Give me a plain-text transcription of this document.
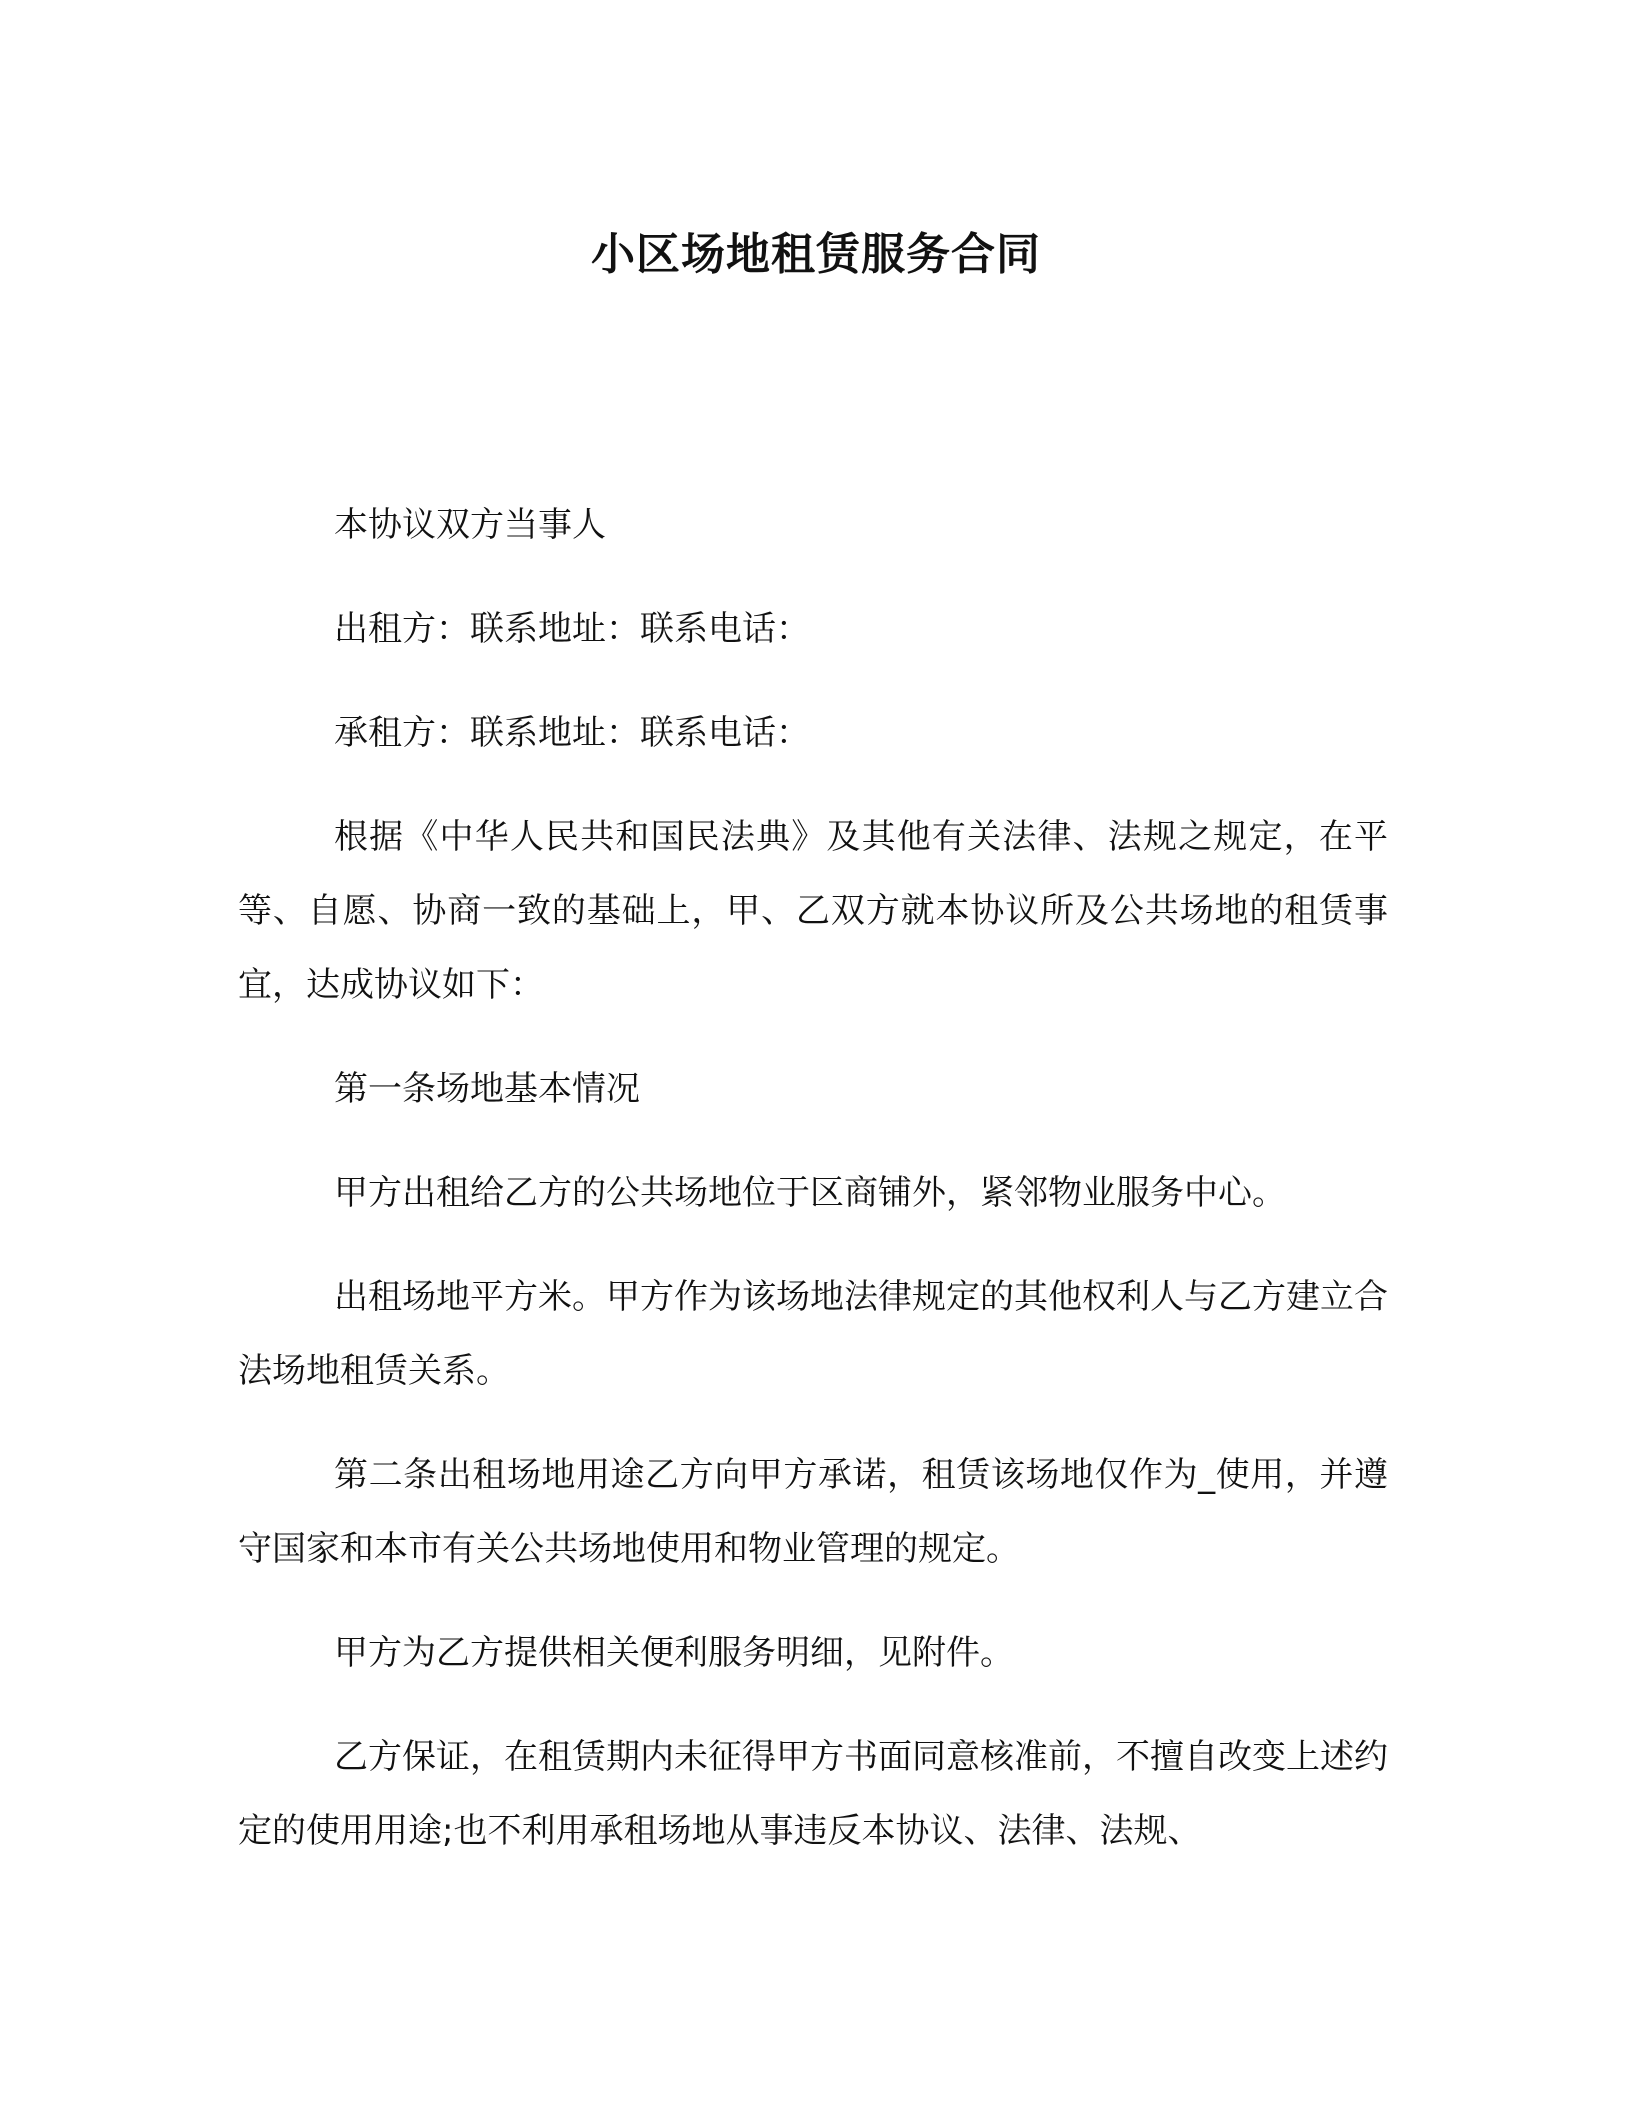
小区场地租赁服务合同

本协议双方当事人

出租方：联系地址：联系电话：

承租方：联系地址：联系电话：

根据《中华人民共和国民法典》及其他有关法律、法规之规定，在平等、自愿、协商一致的基础上，甲、乙双方就本协议所及公共场地的租赁事宜，达成协议如下：

第一条场地基本情况

甲方出租给乙方的公共场地位于区商铺外，紧邻物业服务中心。

出租场地平方米。甲方作为该场地法律规定的其他权利人与乙方建立合法场地租赁关系。

第二条出租场地用途乙方向甲方承诺，租赁该场地仅作为_使用，并遵守国家和本市有关公共场地使用和物业管理的规定。

甲方为乙方提供相关便利服务明细，见附件。

乙方保证，在租赁期内未征得甲方书面同意核准前，不擅自改变上述约定的使用用途;也不利用承租场地从事违反本协议、法律、法规、
